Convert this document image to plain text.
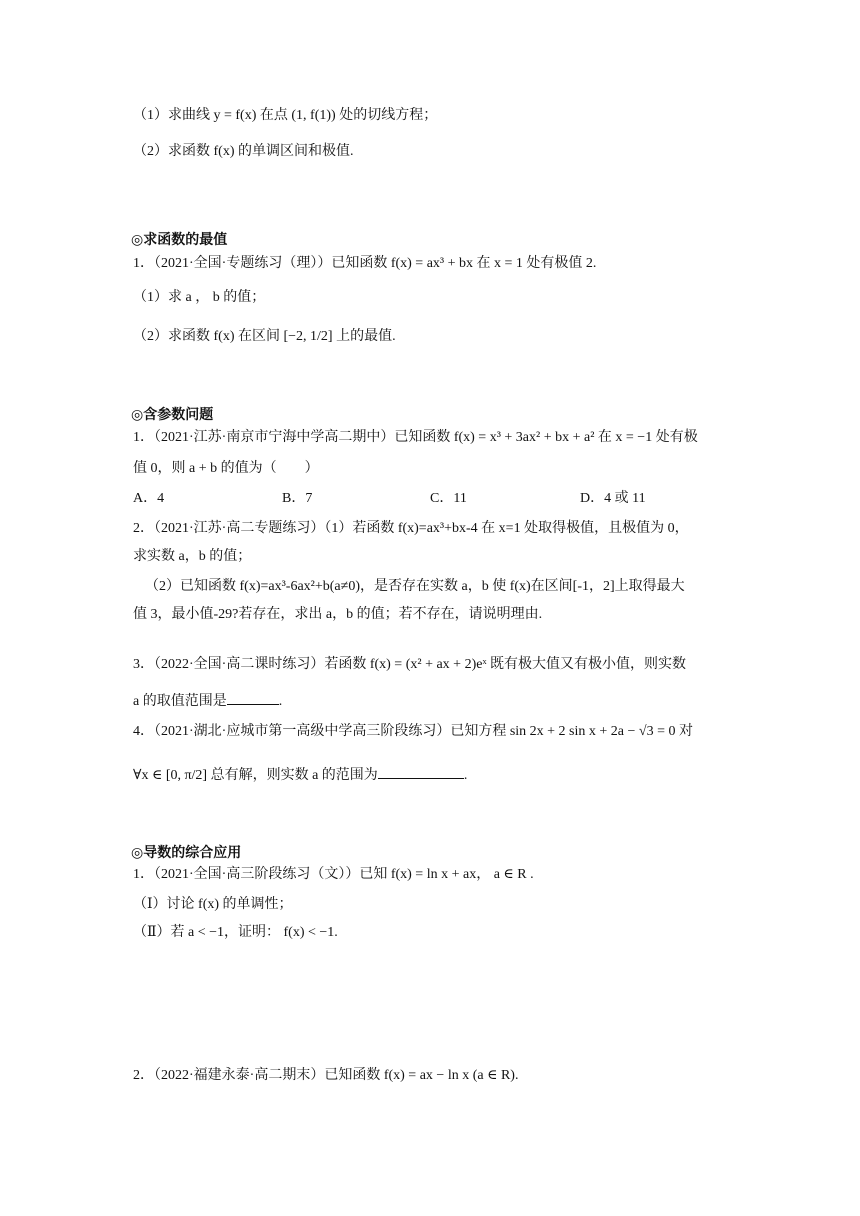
（1）求曲线 y = f(x) 在点 (1, f(1)) 处的切线方程；
（2）求函数 f(x) 的单调区间和极值.
◎求函数的最值
1．（2021·全国·专题练习（理））已知函数 f(x) = ax³ + bx 在 x = 1 处有极值 2.
（1）求 a ， b 的值；
（2）求函数 f(x) 在区间 [−2, 1/2] 上的最值.
◎含参数问题
1．（2021·江苏·南京市宁海中学高二期中）已知函数 f(x) = x³ + 3ax² + bx + a² 在 x = −1 处有极
值 0，则 a + b 的值为（　　）
A．4	B．7	C．11	D．4 或 11
2．（2021·江苏·高二专题练习）（1）若函数 f(x)=ax³+bx-4 在 x=1 处取得极值，且极值为 0，
求实数 a，b 的值；
（2）已知函数 f(x)=ax³-6ax²+b(a≠0)，是否存在实数 a，b 使 f(x)在区间[-1，2]上取得最大
值 3，最小值-29?若存在，求出 a，b 的值；若不存在，请说明理由.
3．（2022·全国·高二课时练习）若函数 f(x) = (x² + ax + 2)eˣ 既有极大值又有极小值，则实数
a 的取值范围是	.
4．（2021·湖北·应城市第一高级中学高三阶段练习）已知方程 sin 2x + 2 sin x + 2a − √3 = 0 对
∀x ∈ [0, π/2] 总有解，则实数 a 的范围为	.
◎导数的综合应用
1．（2021·全国·高三阶段练习（文））已知 f(x) = ln x + ax， a ∈ R .
（Ⅰ）讨论 f(x) 的单调性；
（Ⅱ）若 a < −1，证明： f(x) < −1.
2．（2022·福建永泰·高二期末）已知函数 f(x) = ax − ln x (a ∈ R).
